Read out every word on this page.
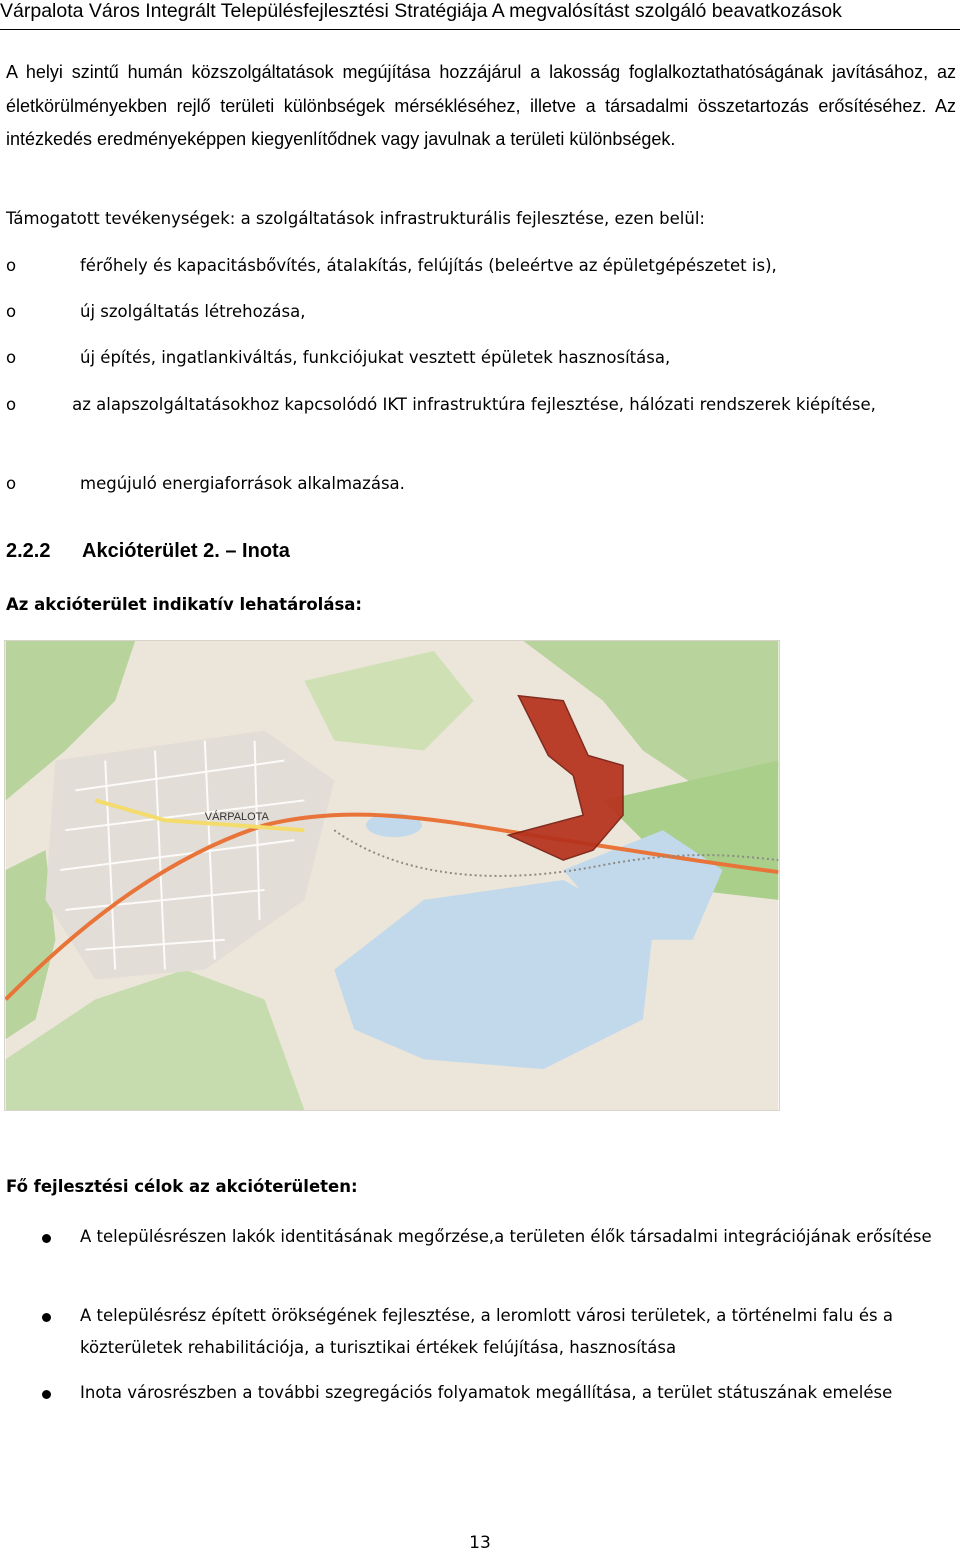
Várpalota Város Integrált Településfejlesztési Stratégiája A megvalósítást szolgáló beavatkozások

A helyi szintű humán közszolgáltatások megújítása hozzájárul a lakosság foglalkoztathatóságának javításához, az életkörülményekben rejlő területi különbségek mérsékléséhez, illetve a társadalmi összetartozás erősítéséhez. Az intézkedés eredményeképpen kiegyenlítődnek vagy javulnak a területi különbségek.

Támogatott tevékenységek: a szolgáltatások infrastrukturális fejlesztése, ezen belül:
o	férőhely és kapacitásbővítés, átalakítás, felújítás (beleértve az épületgépészetet is),
o	új szolgáltatás létrehozása,
o	új építés, ingatlankiváltás, funkciójukat vesztett épületek hasznosítása,

o	az alapszolgáltatásokhoz kapcsolódó IKT infrastruktúra fejlesztése, hálózati rendszerek kiépítése,

o	megújuló energiaforrások alkalmazása.
2.2.2 Akcióterület 2. – Inota
Az akcióterület indikatív lehatárolása:
VÁRPALOTA
Fő fejlesztési célok az akcióterületen:
A településrészen lakók identitásának megőrzése,a területen élők társadalmi integrációjának erősítése
A településrész épített örökségének fejlesztése, a leromlott városi területek, a történelmi falu és a közterületek rehabilitációja, a turisztikai értékek felújítása, hasznosítása
Inota városrészben a további szegregációs folyamatok megállítása, a terület státuszának emelése
13
